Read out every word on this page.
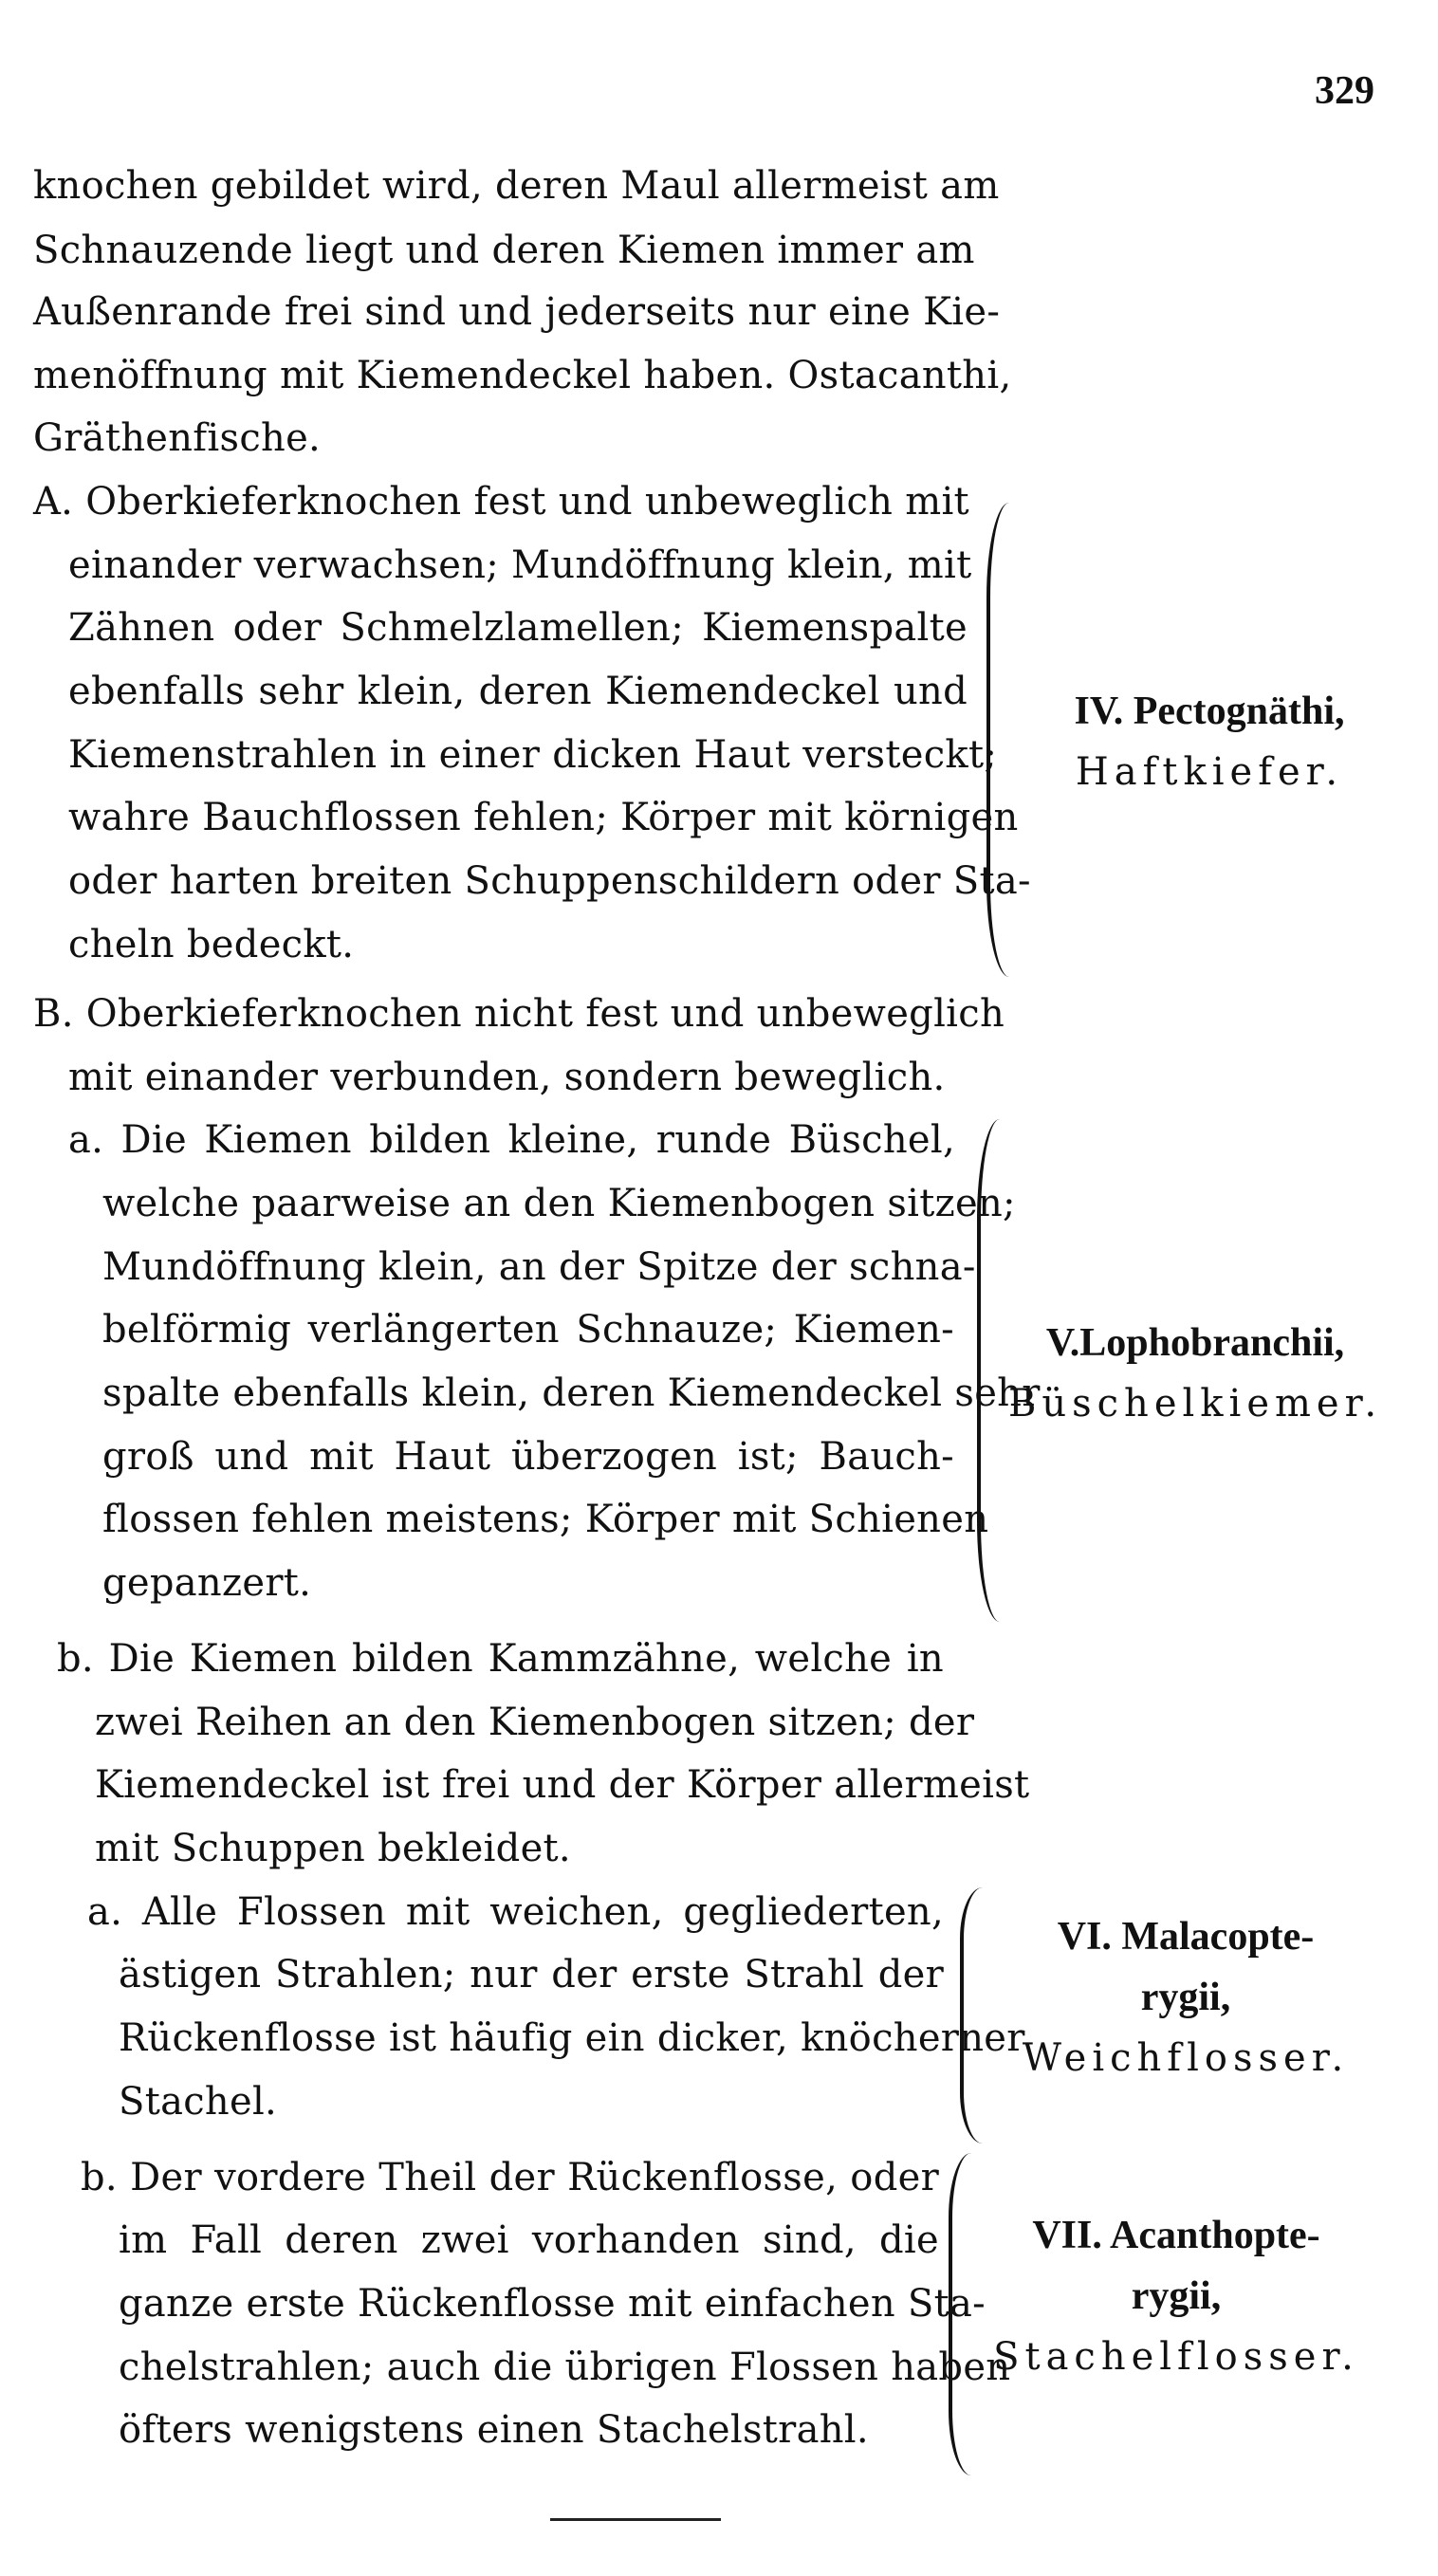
329
knochen gebildet wird, deren Maul allermeist am
Schnauzende liegt und deren Kiemen immer am
Außenrande frei sind und jederseits nur eine Kie-
menöffnung mit Kiemendeckel haben. Ostacanthi,
Gräthenfische.
A. Oberkieferknochen fest und unbeweglich mit
einander verwachsen; Mundöffnung klein, mit
Zähnen oder Schmelzlamellen; Kiemenspalte
ebenfalls sehr klein, deren Kiemendeckel und
Kiemenstrahlen in einer dicken Haut versteckt;
wahre Bauchflossen fehlen; Körper mit körnigen
oder harten breiten Schuppenschildern oder Sta-
cheln bedeckt.
IV. Pectognäthi,
Haftkiefer.
B. Oberkieferknochen nicht fest und unbeweglich
mit einander verbunden, sondern beweglich.
a. Die Kiemen bilden kleine, runde Büschel,
welche paarweise an den Kiemenbogen sitzen;
Mundöffnung klein, an der Spitze der schna-
belförmig verlängerten Schnauze; Kiemen-
spalte ebenfalls klein, deren Kiemendeckel sehr
groß und mit Haut überzogen ist; Bauch-
flossen fehlen meistens; Körper mit Schienen
gepanzert.
V.Lophobranchii,
Büschelkiemer.
b. Die Kiemen bilden Kammzähne, welche in
zwei Reihen an den Kiemenbogen sitzen; der
Kiemendeckel ist frei und der Körper allermeist
mit Schuppen bekleidet.
a. Alle Flossen mit weichen, gegliederten,
ästigen Strahlen; nur der erste Strahl der
Rückenflosse ist häufig ein dicker, knöcherner
Stachel.
VI. Malacopte-
rygii,
Weichflosser.
b. Der vordere Theil der Rückenflosse, oder
im Fall deren zwei vorhanden sind, die
ganze erste Rückenflosse mit einfachen Sta-
chelstrahlen; auch die übrigen Flossen haben
öfters wenigstens einen Stachelstrahl.
VII. Acanthopte-
rygii,
Stachelflosser.
